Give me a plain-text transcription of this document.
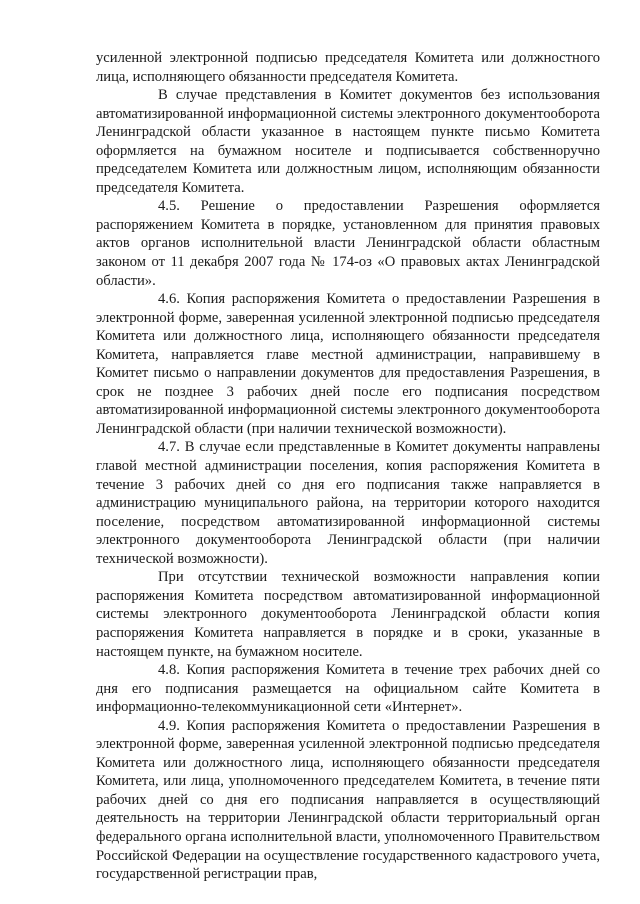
усиленной электронной подписью председателя Комитета или должностного лица, исполняющего обязанности председателя Комитета.

В случае представления в Комитет документов без использования автоматизированной информационной системы электронного документооборота Ленинградской области указанное в настоящем пункте письмо Комитета оформляется на бумажном носителе и подписывается собственноручно председателем Комитета или должностным лицом, исполняющим обязанности председателя Комитета.

4.5. Решение о предоставлении Разрешения оформляется распоряжением Комитета в порядке, установленном для принятия правовых актов органов исполнительной власти Ленинградской области областным законом от 11 декабря 2007 года № 174-оз «О правовых актах Ленинградской области».

4.6. Копия распоряжения Комитета о предоставлении Разрешения в электронной форме, заверенная усиленной электронной подписью председателя Комитета или должностного лица, исполняющего обязанности председателя Комитета, направляется главе местной администрации, направившему в Комитет письмо о направлении документов для предоставления Разрешения, в срок не позднее 3 рабочих дней после его подписания посредством автоматизированной информационной системы электронного документооборота Ленинградской области (при наличии технической возможности).

4.7. В случае если представленные в Комитет документы направлены главой местной администрации поселения, копия распоряжения Комитета в течение 3 рабочих дней со дня его подписания также направляется в администрацию муниципального района, на территории которого находится поселение, посредством автоматизированной информационной системы электронного документооборота Ленинградской области (при наличии технической возможности).

При отсутствии технической возможности направления копии распоряжения Комитета посредством автоматизированной информационной системы электронного документооборота Ленинградской области копия распоряжения Комитета направляется в порядке и в сроки, указанные в настоящем пункте, на бумажном носителе.

4.8. Копия распоряжения Комитета в течение трех рабочих дней со дня его подписания размещается на официальном сайте Комитета в информационно-телекоммуникационной сети «Интернет».

4.9. Копия распоряжения Комитета о предоставлении Разрешения в электронной форме, заверенная усиленной электронной подписью председателя Комитета или должностного лица, исполняющего обязанности председателя Комитета, или лица, уполномоченного председателем Комитета, в течение пяти рабочих дней со дня его подписания направляется в осуществляющий деятельность на территории Ленинградской области территориальный орган федерального органа исполнительной власти, уполномоченного Правительством Российской Федерации на осуществление государственного кадастрового учета, государственной регистрации прав,
